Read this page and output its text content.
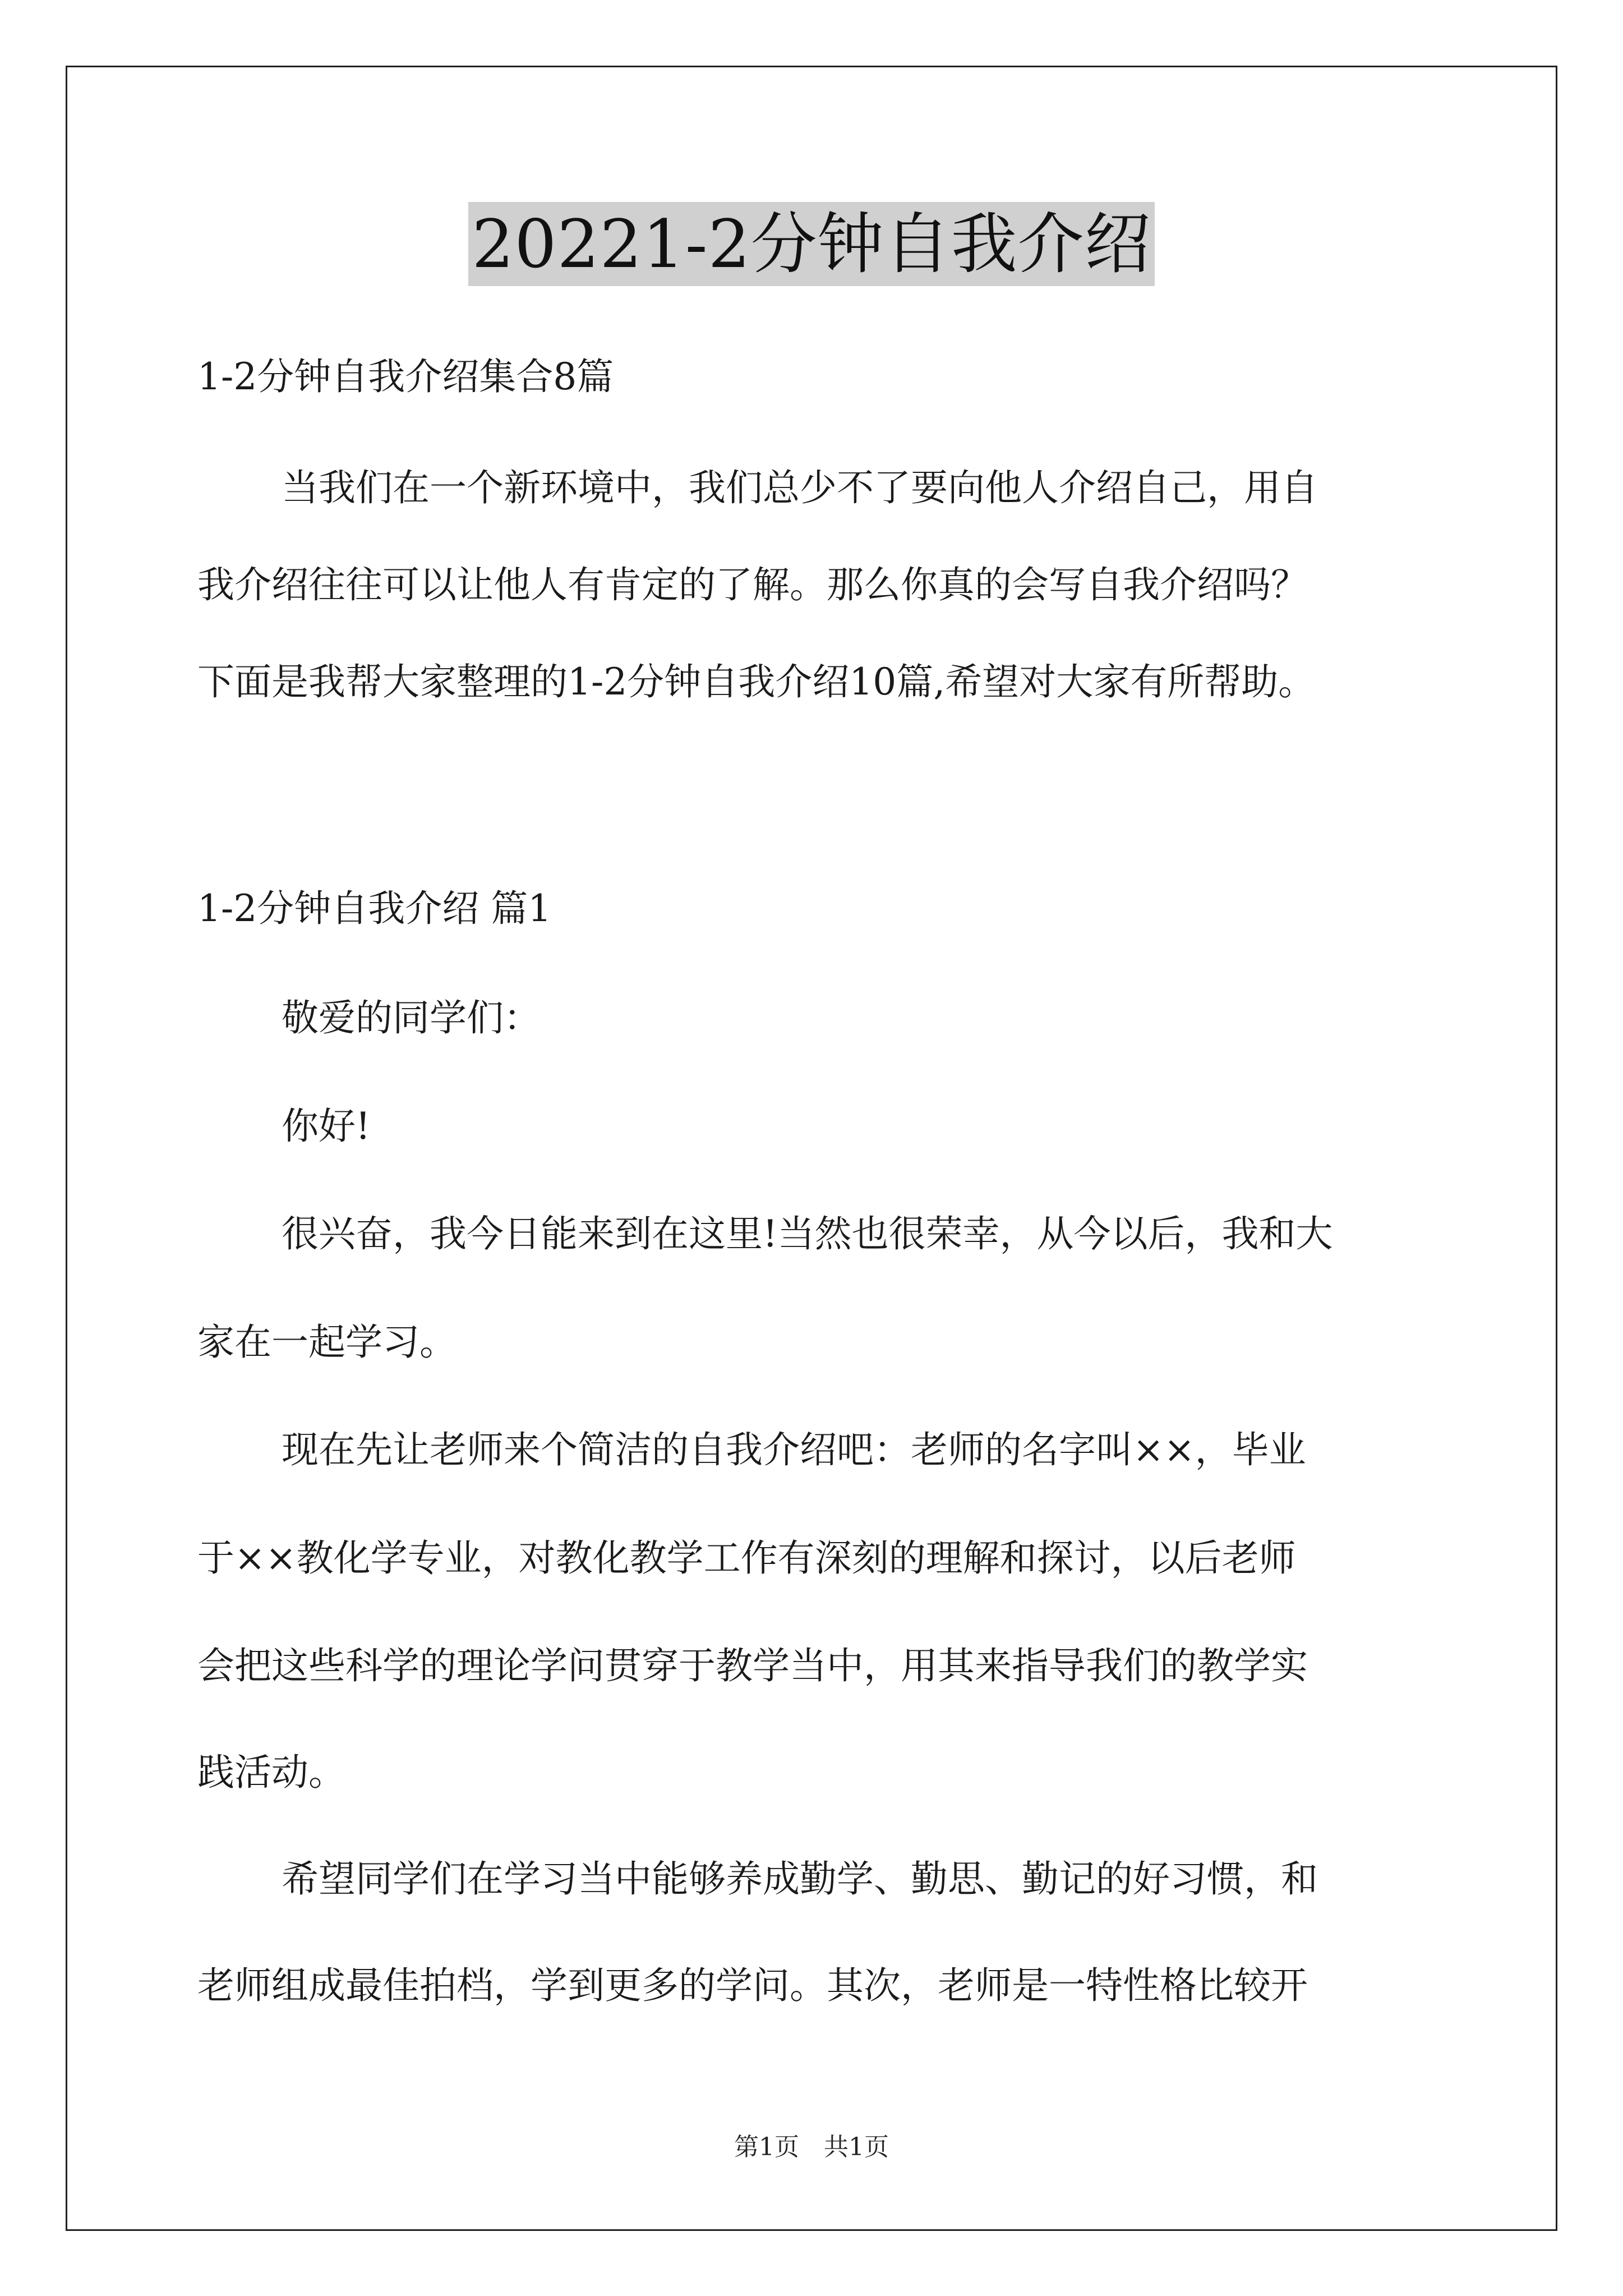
20221-2分钟自我介绍
1-2分钟自我介绍集合8篇
当我们在一个新环境中，我们总少不了要向他人介绍自己，用自
我介绍往往可以让他人有肯定的了解。那么你真的会写自我介绍吗？
下面是我帮大家整理的1-2分钟自我介绍10篇,希望对大家有所帮助。
1-2分钟自我介绍 篇1
敬爱的同学们：
你好!
很兴奋，我今日能来到在这里!当然也很荣幸，从今以后，我和大
家在一起学习。
现在先让老师来个简洁的自我介绍吧：老师的名字叫××，毕业
于××教化学专业，对教化教学工作有深刻的理解和探讨，以后老师
会把这些科学的理论学问贯穿于教学当中，用其来指导我们的教学实
践活动。
希望同学们在学习当中能够养成勤学、勤思、勤记的好习惯，和
老师组成最佳拍档，学到更多的学问。其次，老师是一特性格比较开
第1页　共1页
